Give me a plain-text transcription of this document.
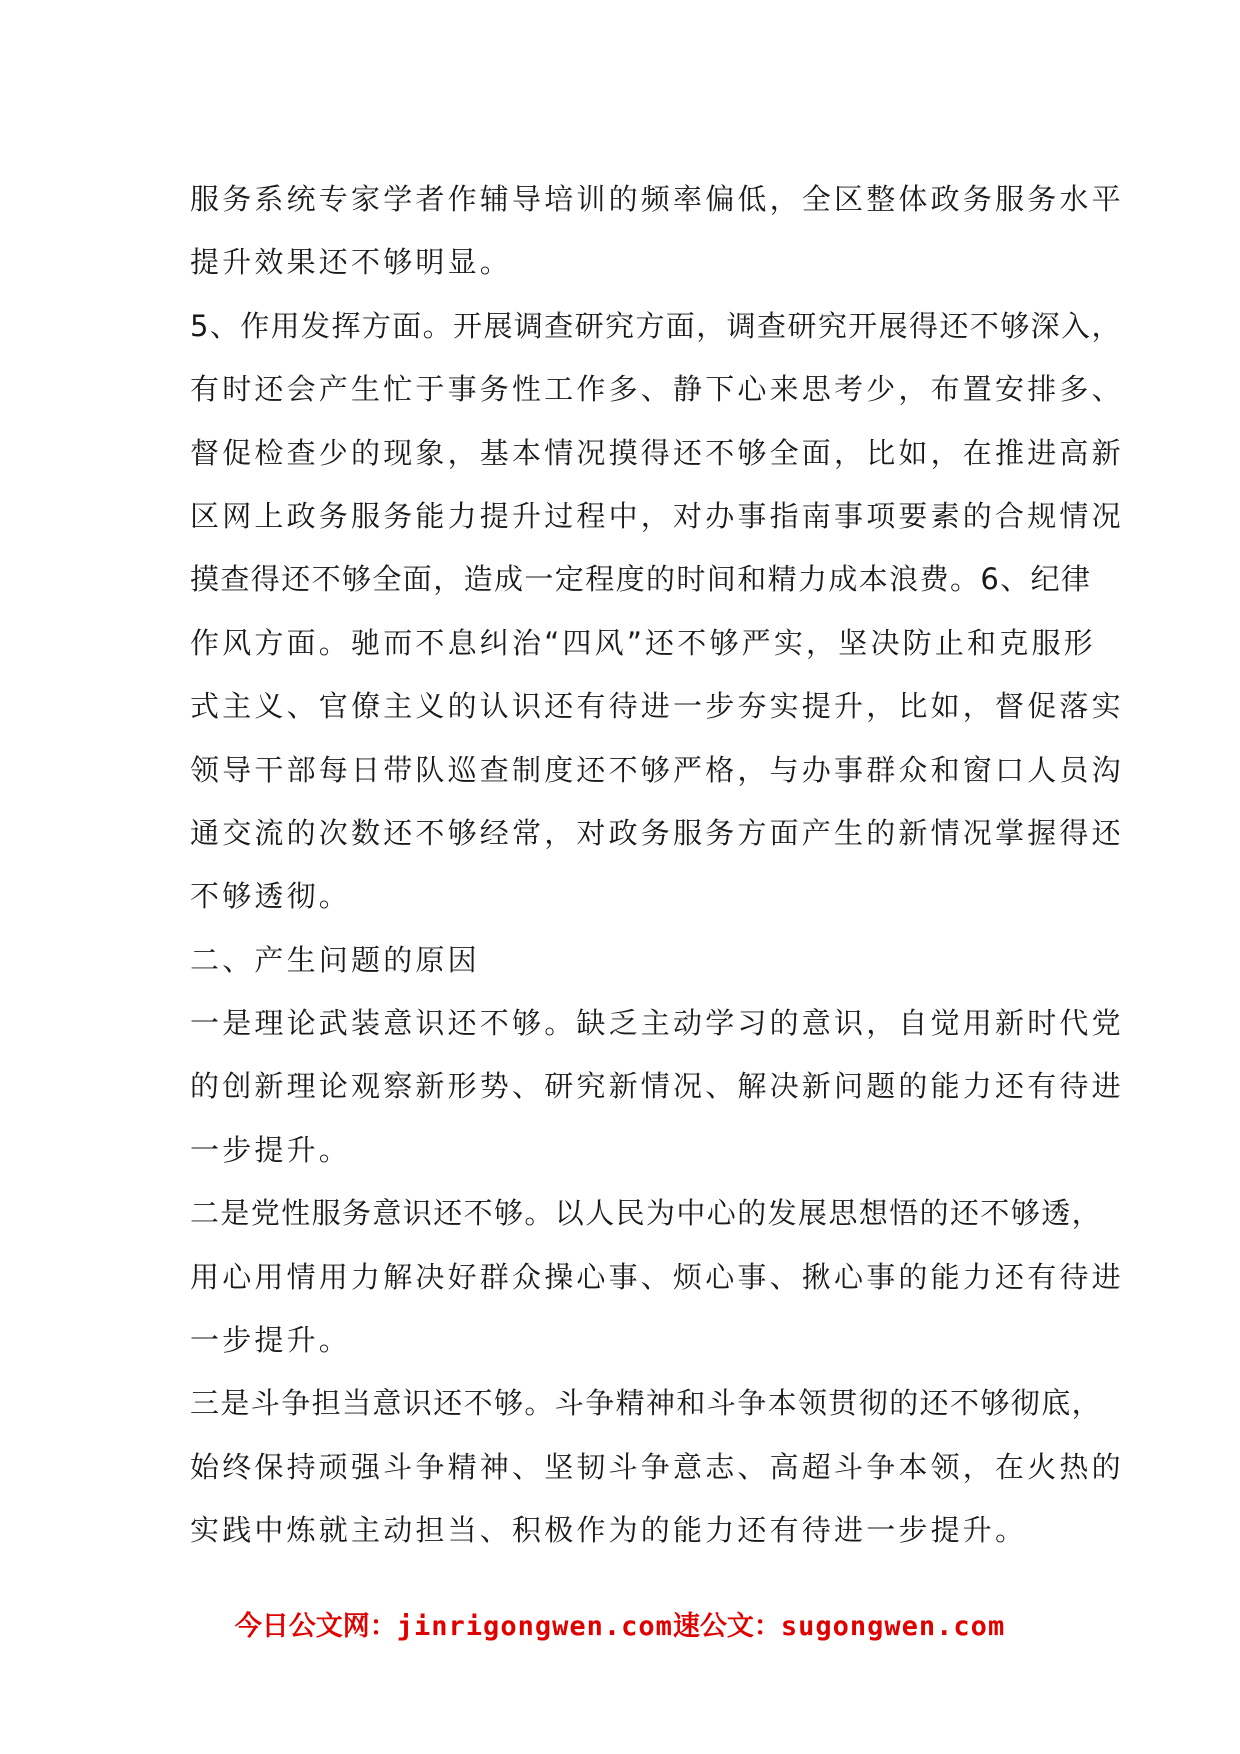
服务系统专家学者作辅导培训的频率偏低，全区整体政务服务水平
提升效果还不够明显。
5、作用发挥方面。开展调查研究方面，调查研究开展得还不够深入，
有时还会产生忙于事务性工作多、静下心来思考少，布置安排多、
督促检查少的现象，基本情况摸得还不够全面，比如，在推进高新
区网上政务服务能力提升过程中，对办事指南事项要素的合规情况
摸查得还不够全面，造成一定程度的时间和精力成本浪费。6、纪律
作风方面。驰而不息纠治“四风”还不够严实，坚决防止和克服形
式主义、官僚主义的认识还有待进一步夯实提升，比如，督促落实
领导干部每日带队巡查制度还不够严格，与办事群众和窗口人员沟
通交流的次数还不够经常，对政务服务方面产生的新情况掌握得还
不够透彻。
二、产生问题的原因
一是理论武装意识还不够。缺乏主动学习的意识，自觉用新时代党
的创新理论观察新形势、研究新情况、解决新问题的能力还有待进
一步提升。
二是党性服务意识还不够。以人民为中心的发展思想悟的还不够透，
用心用情用力解决好群众操心事、烦心事、揪心事的能力还有待进
一步提升。
三是斗争担当意识还不够。斗争精神和斗争本领贯彻的还不够彻底，
始终保持顽强斗争精神、坚韧斗争意志、高超斗争本领，在火热的
实践中炼就主动担当、积极作为的能力还有待进一步提升。
今日公文网：jinrigongwen.com速公文：sugongwen.com
